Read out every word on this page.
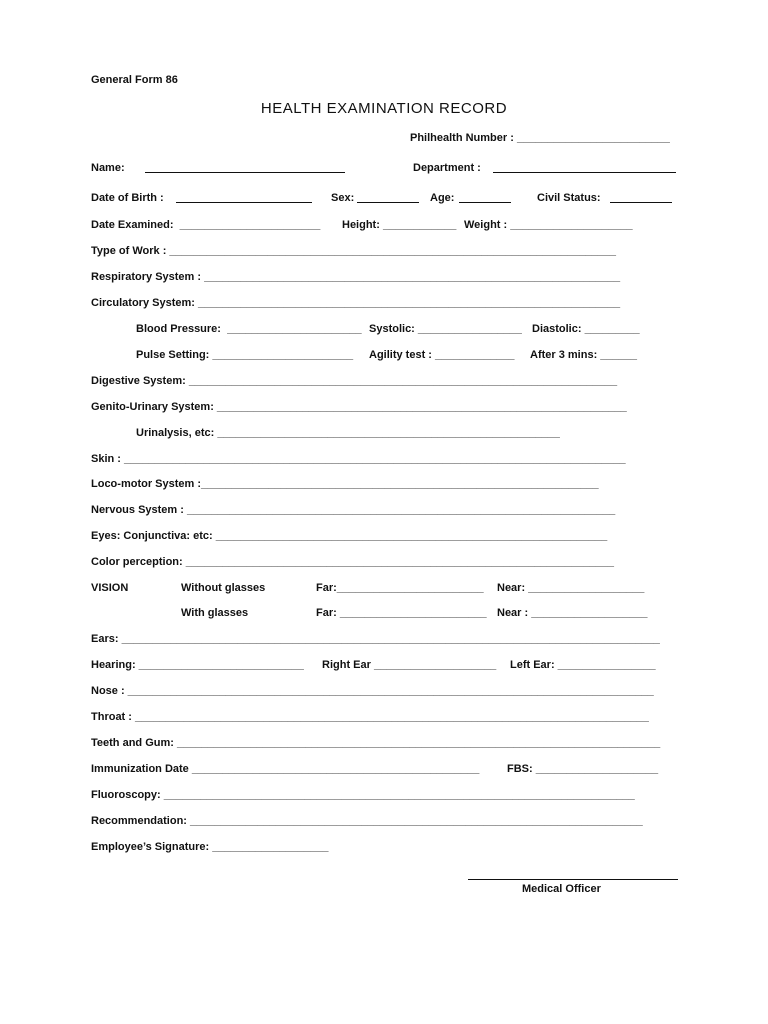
General Form 86
HEALTH EXAMINATION RECORD
Philhealth Number : _________________________
Name:	Department :
Date of Birth :	Sex:	Age:	Civil Status:
Date Examined:  _______________________ Height: ____________ Weight : ____________________
Type of Work : _________________________________________________________________________
Respiratory System : ____________________________________________________________________
Circulatory System: _____________________________________________________________________
Blood Pressure:  ______________________ Systolic: _________________ Diastolic: _________
Pulse Setting: _______________________ Agility test : _____________ After 3 mins: ______
Digestive System: ______________________________________________________________________
Genito-Urinary System: ___________________________________________________________________
Urinalysis, etc: ________________________________________________________
Skin : __________________________________________________________________________________
Loco-motor System :_________________________________________________________________
Nervous System : ______________________________________________________________________
Eyes: Conjunctiva: etc: ________________________________________________________________
Color perception: ______________________________________________________________________
VISION	Without glasses	Far:________________________ Near: ___________________
With glasses	Far: ________________________ Near : ___________________
Ears: ________________________________________________________________________________________
Hearing: ___________________________ Right Ear ____________________ Left Ear: ________________
Nose : ______________________________________________________________________________________
Throat : ____________________________________________________________________________________
Teeth and Gum: _______________________________________________________________________________
Immunization Date _______________________________________________	FBS: ____________________
Fluoroscopy: _____________________________________________________________________________
Recommendation: __________________________________________________________________________
Employee’s Signature: ___________________
Medical Officer
